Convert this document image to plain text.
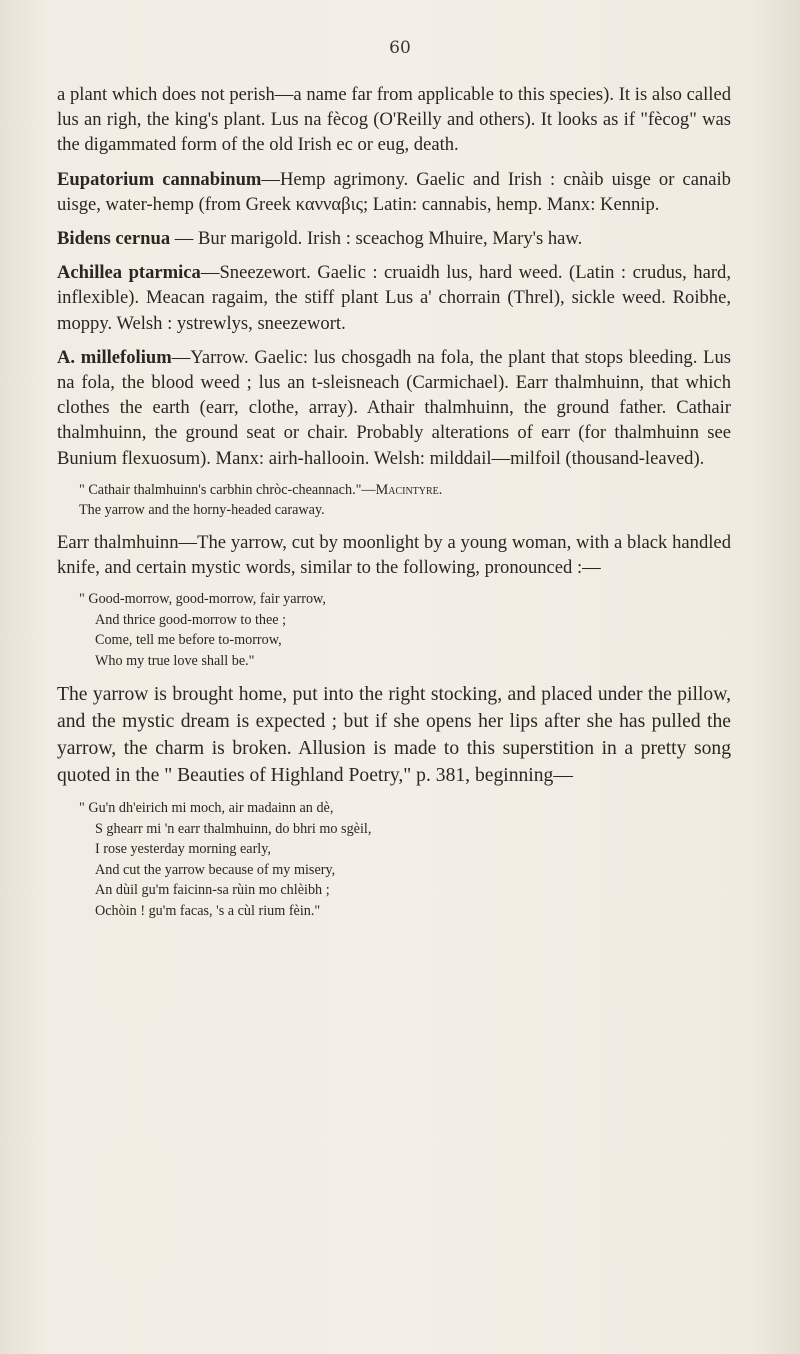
60

a plant which does not perish—a name far from applicable to this species). It is also called lus an righ, the king's plant. Lus na fècog (O'Reilly and others). It looks as if "fècog" was the digammated form of the old Irish ec or eug, death.

Eupatorium cannabinum—Hemp agrimony. Gaelic and Irish : cnàib uisge or canaib uisge, water-hemp (from Greek κανναβις; Latin: cannabis, hemp. Manx: Kennip.

Bidens cernua — Bur marigold. Irish : sceachog Mhuire, Mary's haw.

Achillea ptarmica—Sneezewort. Gaelic : cruaidh lus, hard weed. (Latin : crudus, hard, inflexible). Meacan ragaim, the stiff plant Lus a' chorrain (Threl), sickle weed. Roibhe, moppy. Welsh : ystrewlys, sneezewort.

A. millefolium—Yarrow. Gaelic: lus chosgadh na fola, the plant that stops bleeding. Lus na fola, the blood weed ; lus an t-sleisneach (Carmichael). Earr thalmhuinn, that which clothes the earth (earr, clothe, array). Athair thalmhuinn, the ground father. Cathair thalmhuinn, the ground seat or chair. Probably alterations of earr (for thalmhuinn see Bunium flexuosum). Manx: airh-hallooin. Welsh: milddail—milfoil (thousand-leaved).

" Cathair thalmhuinn's carbhin chròc-cheannach."—Macintyre.
The yarrow and the horny-headed caraway.

Earr thalmhuinn—The yarrow, cut by moonlight by a young woman, with a black handled knife, and certain mystic words, similar to the following, pronounced :—

" Good-morrow, good-morrow, fair yarrow,
And thrice good-morrow to thee ;
Come, tell me before to-morrow,
Who my true love shall be."

The yarrow is brought home, put into the right stocking, and placed under the pillow, and the mystic dream is expected ; but if she opens her lips after she has pulled the yarrow, the charm is broken. Allusion is made to this superstition in a pretty song quoted in the " Beauties of Highland Poetry," p. 381, beginning—

" Gu'n dh'eirich mi moch, air madainn an dè,
S ghearr mi 'n earr thalmhuinn, do bhri mo sgèil,
I rose yesterday morning early,
And cut the yarrow because of my misery,
An dùil gu'm faicinn-sa rùin mo chlèibh ;
Ochòin ! gu'm facas, 's a cùl rium fèin."
